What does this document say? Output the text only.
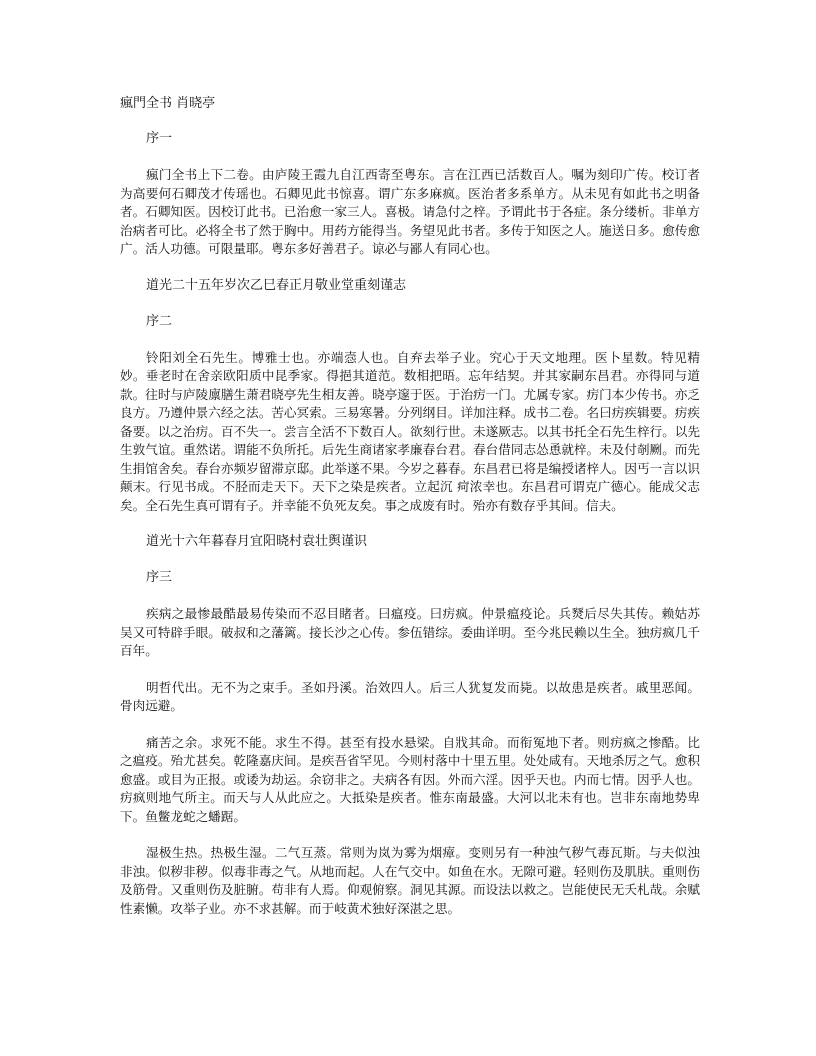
瘋門全书 肖晓亭
序一
瘋门全书上下二卷。由庐陵王霞九自江西寄至粤东。言在江西已活数百人。嘱为刻印广传。校订者为高要何石卿茂才传瑶也。石卿见此书惊喜。谓广东多麻疯。医治者多系单方。从未见有如此书之明备者。石卿知医。因校订此书。已治愈一家三人。喜极。请急付之梓。予谓此书于各症。条分缕析。非单方治病者可比。必将全书了然于胸中。用药方能得当。务望见此书者。多传于知医之人。施送日多。愈传愈广。活人功德。可限量耶。粤东多好善君子。谅必与鄙人有同心也。
道光二十五年岁次乙巳春正月敬业堂重刻谨志
序二
铃阳刘全石先生。博雅士也。亦端悫人也。自弃去举子业。究心于天文地理。医卜星数。特见精妙。垂老时在舍亲欧阳质中昆季家。得挹其道范。数相把晤。忘年结契。并其家嗣东昌君。亦得同与道款。往时与庐陵廪膳生萧君晓亭先生相友善。晓亭邃于医。于治疠一门。尤属专家。疠门本少传书。亦乏良方。乃遵仲景六经之法。苦心冥索。三易寒暑。分列纲目。详加注释。成书二卷。名曰疠疾辑要。疠疾备要。以之治疠。百不失一。尝言全活不下数百人。欲刻行世。未遂厥志。以其书托全石先生梓行。以先生敦气谊。重然诺。谓能不负所托。后先生商诸家孝廉春台君。春台借同志怂恿就梓。未及付剞劂。而先生捐馆舍矣。春台亦频岁留滞京邸。此举遂不果。今岁之暮春。东昌君已将是编授诸梓人。因丐一言以识颠末。行见书成。不胫而走天下。天下之染是疾者。立起沉 疴浓幸也。东昌君可谓克广德心。能成父志矣。全石先生真可谓有子。并幸能不负死友矣。事之成废有时。殆亦有数存乎其间。信夫。
道光十六年暮春月宜阳晓村袁壮舆谨识
序三
疾病之最惨最酷最易传染而不忍目睹者。曰瘟疫。曰疠疯。仲景瘟疫论。兵燹后尽失其传。赖姑苏吴又可特辟手眼。破叔和之藩篱。接长沙之心传。参伍错综。委曲详明。至今兆民赖以生全。独疠疯几千百年。
明哲代出。无不为之束手。圣如丹溪。治效四人。后三人犹复发而毙。以故患是疾者。戚里恶闻。骨肉远避。
痛苦之余。求死不能。求生不得。甚至有投水悬梁。自戕其命。而衔冤地下者。则疠疯之惨酷。比之瘟疫。殆尤甚矣。乾隆嘉庆间。是疾吾省罕见。今则村落中十里五里。处处咸有。天地杀厉之气。愈积愈盛。或目为正报。或诿为劫运。余窃非之。夫病各有因。外而六淫。因乎天也。内而七情。因乎人也。疠疯则地气所主。而天与人从此应之。大抵染是疾者。惟东南最盛。大河以北未有也。岂非东南地势卑下。鱼鳖龙蛇之蟠踞。
湿极生热。热极生湿。二气互蒸。常则为岚为雾为烟瘴。变则另有一种浊气秽气毒瓦斯。与夫似浊非浊。似秽非秽。似毒非毒之气。从地而起。人在气交中。如鱼在水。无隙可避。轻则伤及肌肤。重则伤及筋骨。又重则伤及脏腑。苟非有人焉。仰观俯察。洞见其源。而设法以救之。岂能使民无夭札哉。余赋性素懒。攻举子业。亦不求甚解。而于岐黄术独好深湛之思。
